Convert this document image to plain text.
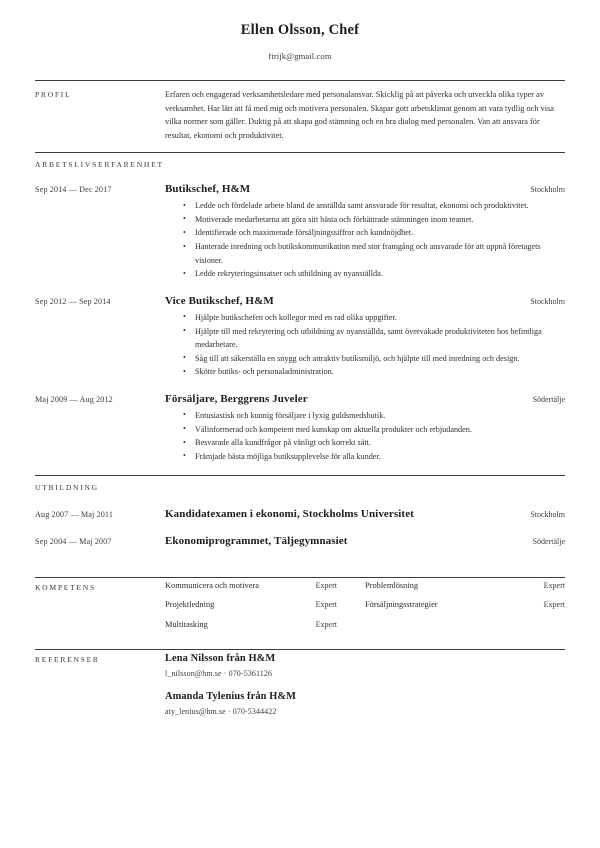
Ellen Olsson, Chef
ftrijk@gmail.com
PROFIL	Erfaren och engagerad verksamhetsledare med personalansvar. Skicklig på att påverka och utveckla olika typer av verksamhet. Har lätt att få med mig och motivera personalen. Skapar gott arbetsklimat genom att vara tydlig och visa vilka normer som gäller. Duktig på att skapa god stämning och en bra dialog med personalen. Van att ansvara för resultat, ekonomi och produktivitet.
ARBETSLIVSERFARENHET
Sep 2014 — Dec 2017	Butikschef, H&M	Stockholm
• Ledde och fördelade arbete bland de anställda samt ansvarade för resultat, ekonomi och produktivitet.
• Motiverade medarbetarna att göra sitt bästa och förbättrade stämningen inom teamet.
• Identifierade och maximerade försäljningssiffror och kundnöjdhet.
• Hanterade inredning och butikskommunikation med stor framgång och ansvarade för att uppnå företagets visioner.
• Ledde rekryteringsinsatser och utbildning av nyanställda.
Sep 2012 — Sep 2014	Vice Butikschef, H&M	Stockholm
• Hjälpte butikschefen och kollegor med en rad olika uppgifter.
• Hjälpte till med rekrytering och utbildning av nyanställda, samt övervakade produktiviteten hos befintliga medarbetare.
• Såg till att säkerställa en snygg och attraktiv butiksmiljö, och hjälpte till med inredning och design.
• Skötte butiks- och personaladministration.
Maj 2009 — Aug 2012	Försäljare, Berggrens Juveler	Södertälje
• Entusiastisk och kunnig försäljare i lyxig guldsmedsbutik.
• Välinformerad och kompetent med kunskap om aktuella produkter och erbjudanden.
• Besvarade alla kundfrågor på vänligt och korrekt sätt.
• Främjade bästa möjliga butiksupplevelse för alla kunder.
UTBILDNING
Aug 2007 — Maj 2011	Kandidatexamen i ekonomi, Stockholms Universitet	Stockholm
Sep 2004 — Maj 2007	Ekonomiprogrammet, Täljegymnasiet	Södertälje
KOMPETENS	Kommunicera och motivera	Expert
Projektledning	Expert
Multitasking	Expert
Problemlösning	Expert
Försäljningsstrategier	Expert
REFERENSER	Lena Nilsson från H&M
l_nilsson@hm.se · 070-5361126
Amanda Tylenius från H&M
aty_lenius@hm.se · 070-5344422
